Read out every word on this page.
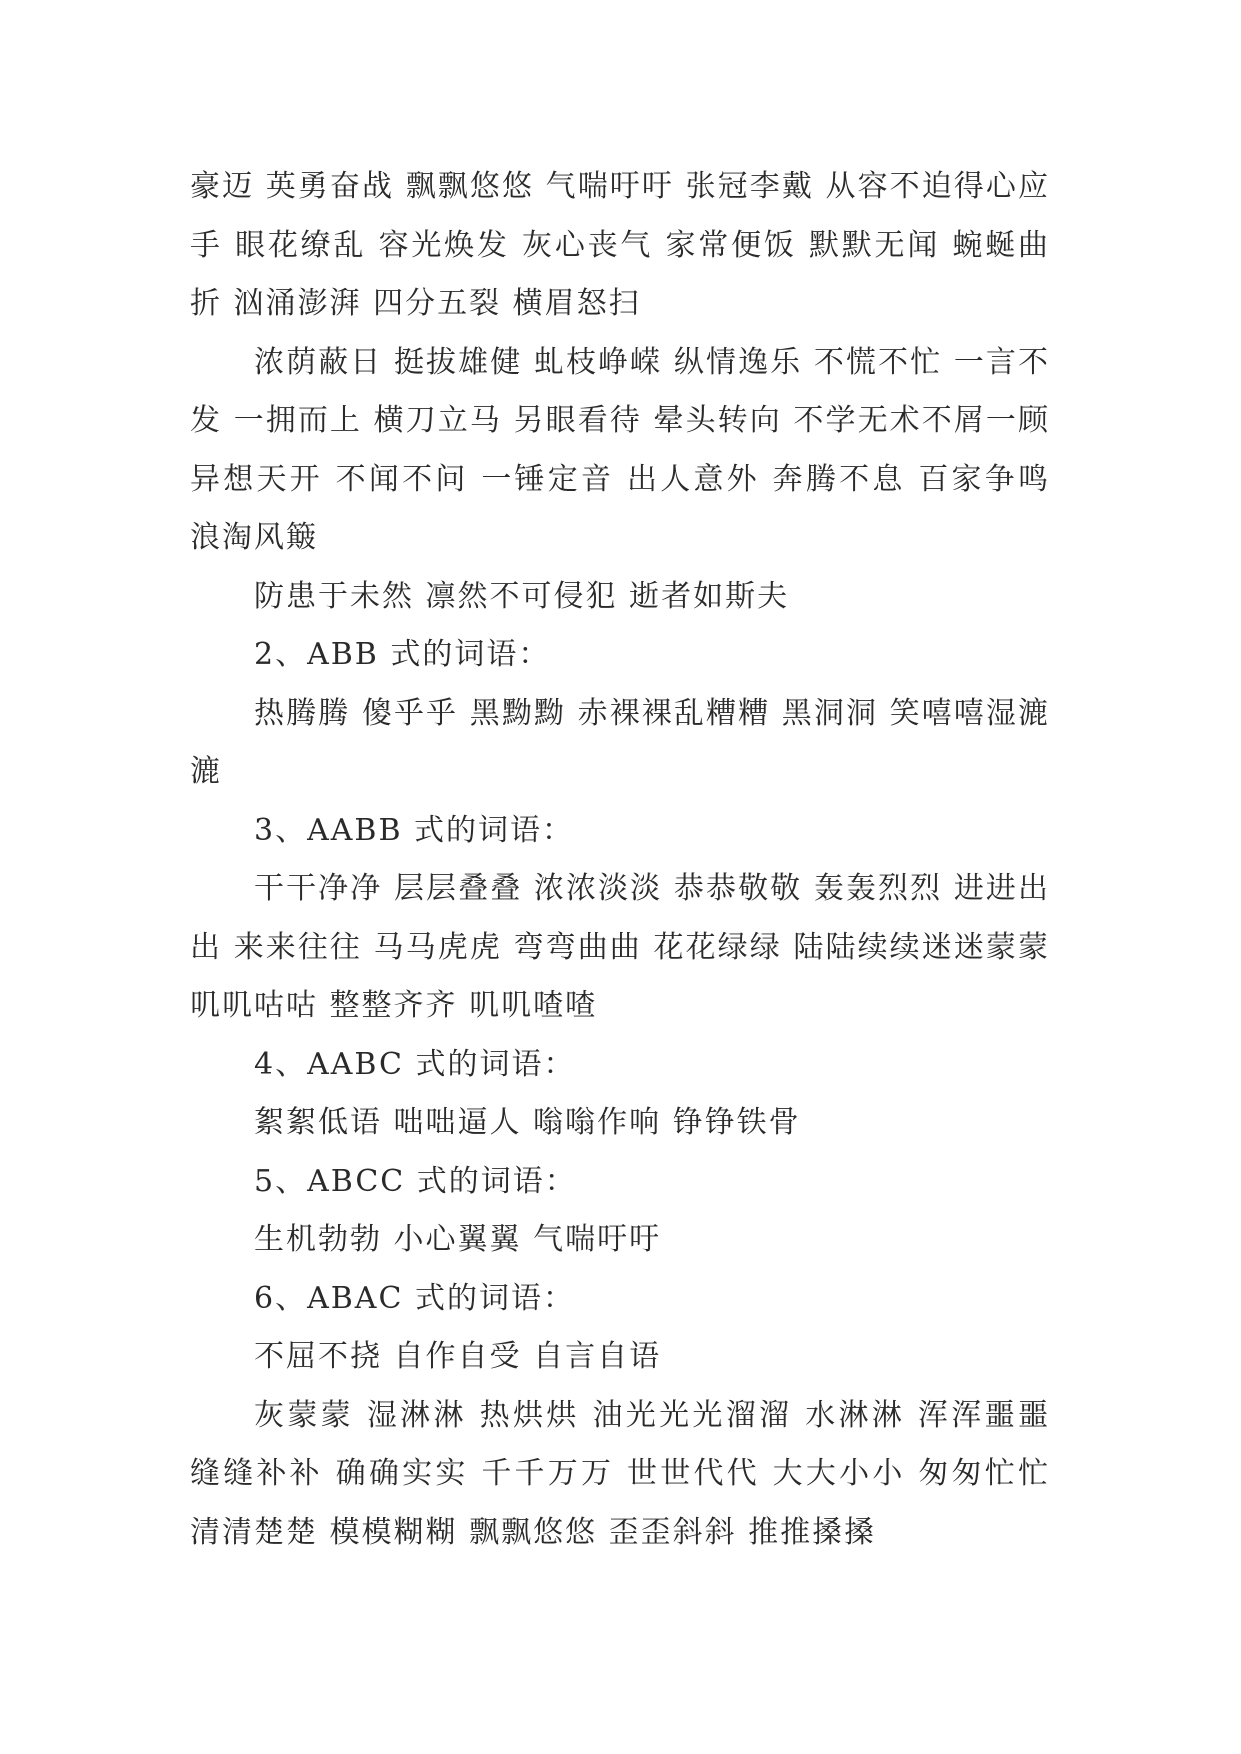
豪迈 英勇奋战 飘飘悠悠 气喘吁吁 张冠李戴 从容不迫得心应手 眼花缭乱 容光焕发 灰心丧气 家常便饭 默默无闻 蜿蜒曲折 汹涌澎湃 四分五裂 横眉怒扫

浓荫蔽日 挺拔雄健 虬枝峥嵘 纵情逸乐 不慌不忙 一言不发 一拥而上 横刀立马 另眼看待 晕头转向 不学无术不屑一顾 异想天开 不闻不问 一锤定音 出人意外 奔腾不息 百家争鸣 浪淘风簸

防患于未然 凛然不可侵犯 逝者如斯夫

2、ABB 式的词语：

热腾腾 傻乎乎 黑黝黝 赤裸裸乱糟糟 黑洞洞 笑嘻嘻湿漉漉

3、AABB 式的词语：

干干净净 层层叠叠 浓浓淡淡 恭恭敬敬 轰轰烈烈 进进出出 来来往往 马马虎虎 弯弯曲曲 花花绿绿 陆陆续续迷迷蒙蒙 叽叽咕咕 整整齐齐 叽叽喳喳

4、AABC 式的词语：

絮絮低语 咄咄逼人 嗡嗡作响 铮铮铁骨

5、ABCC 式的词语：

生机勃勃 小心翼翼 气喘吁吁

6、ABAC 式的词语：

不屈不挠 自作自受 自言自语

灰蒙蒙 湿淋淋 热烘烘 油光光光溜溜 水淋淋 浑浑噩噩 缝缝补补 确确实实 千千万万 世世代代 大大小小 匆匆忙忙 清清楚楚 模模糊糊 飘飘悠悠 歪歪斜斜 推推搡搡
